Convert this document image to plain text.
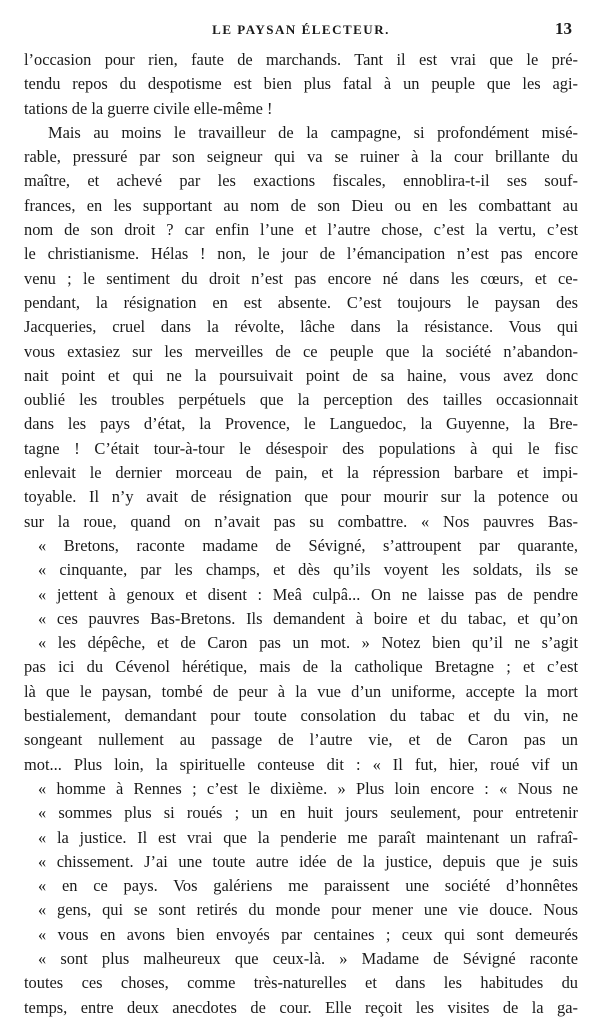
LE PAYSAN ÉLECTEUR.	13
l’occasion pour rien, faute de marchands. Tant il est vrai que le pré-
tendu repos du despotisme est bien plus fatal à un peuple que les agi-
tations de la guerre civile elle-même !
Mais au moins le travailleur de la campagne, si profondément misé-
rable, pressuré par son seigneur qui va se ruiner à la cour brillante du
maître, et achevé par les exactions fiscales, ennoblira-t-il ses souf-
frances, en les supportant au nom de son Dieu ou en les combattant au
nom de son droit ? car enfin l’une et l’autre chose, c’est la vertu, c’est
le christianisme. Hélas ! non, le jour de l’émancipation n’est pas encore
venu ; le sentiment du droit n’est pas encore né dans les cœurs, et ce-
pendant, la résignation en est absente. C’est toujours le paysan des
Jacqueries, cruel dans la révolte, lâche dans la résistance. Vous qui
vous extasiez sur les merveilles de ce peuple que la société n’abandon-
nait point et qui ne la poursuivait point de sa haine, vous avez donc
oublié les troubles perpétuels que la perception des tailles occasionnait
dans les pays d’état, la Provence, le Languedoc, la Guyenne, la Bre-
tagne ! C’était tour-à-tour le désespoir des populations à qui le fisc
enlevait le dernier morceau de pain, et la répression barbare et impi-
toyable. Il n’y avait de résignation que pour mourir sur la potence ou
sur la roue, quand on n’avait pas su combattre. « Nos pauvres Bas-
« Bretons, raconte madame de Sévigné, s’attroupent par quarante,
« cinquante, par les champs, et dès qu’ils voyent les soldats, ils se
« jettent à genoux et disent : Meâ culpâ... On ne laisse pas de pendre
« ces pauvres Bas-Bretons. Ils demandent à boire et du tabac, et qu’on
« les dépêche, et de Caron pas un mot. » Notez bien qu’il ne s’agit
pas ici du Cévenol hérétique, mais de la catholique Bretagne ; et c’est
là que le paysan, tombé de peur à la vue d’un uniforme, accepte la mort
bestialement, demandant pour toute consolation du tabac et du vin, ne
songeant nullement au passage de l’autre vie, et de Caron pas un
mot... Plus loin, la spirituelle conteuse dit : « Il fut, hier, roué vif un
« homme à Rennes ; c’est le dixième. » Plus loin encore : « Nous ne
« sommes plus si roués ; un en huit jours seulement, pour entretenir
« la justice. Il est vrai que la penderie me paraît maintenant un rafraî-
« chissement. J’ai une toute autre idée de la justice, depuis que je suis
« en ce pays. Vos galériens me paraissent une société d’honnêtes
« gens, qui se sont retirés du monde pour mener une vie douce. Nous
« vous en avons bien envoyés par centaines ; ceux qui sont demeurés
« sont plus malheureux que ceux-là. » Madame de Sévigné raconte
toutes ces choses, comme très-naturelles et dans les habitudes du
temps, entre deux anecdotes de cour. Elle reçoit les visites de la ga-
